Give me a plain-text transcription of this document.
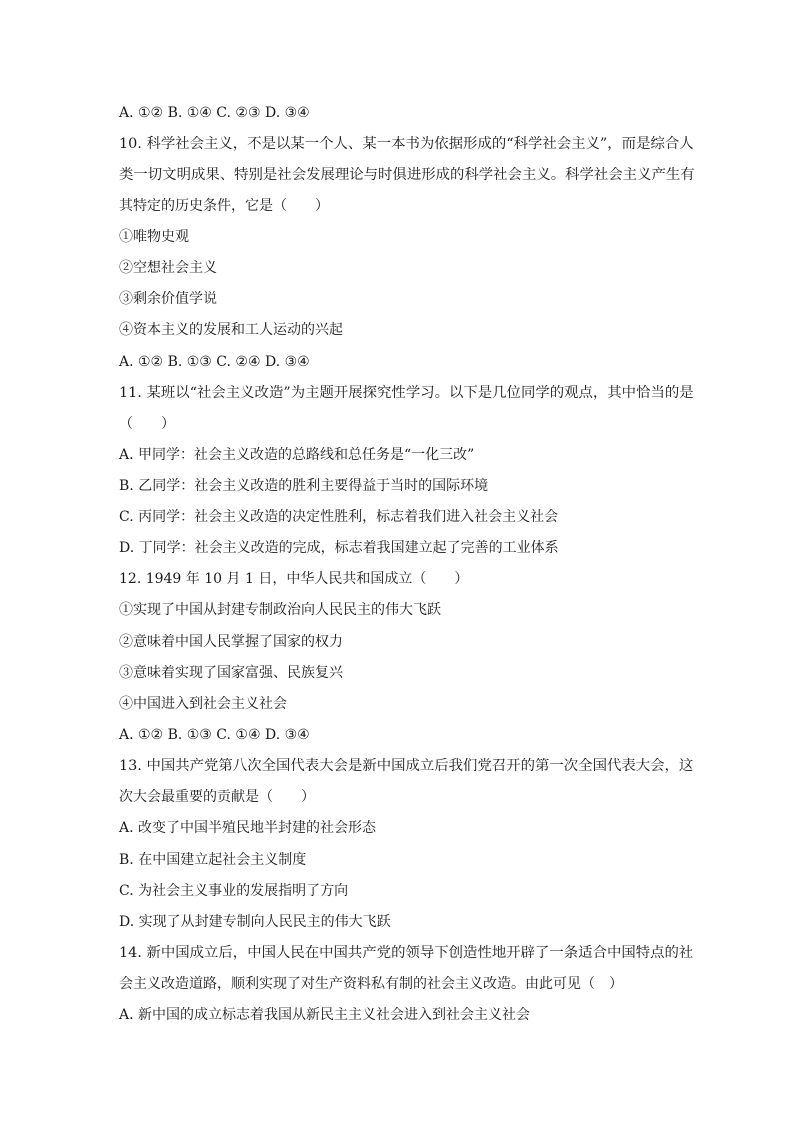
A. ①② B. ①④ C. ②③ D. ③④
10. 科学社会主义，不是以某一个人、某一本书为依据形成的“科学社会主义”，而是综合人
类一切文明成果、特别是社会发展理论与时俱进形成的科学社会主义。科学社会主义产生有
其特定的历史条件，它是（　　）
①唯物史观
②空想社会主义
③剩余价值学说
④资本主义的发展和工人运动的兴起
A. ①② B. ①③ C. ②④ D. ③④
11. 某班以“社会主义改造”为主题开展探究性学习。以下是几位同学的观点，其中恰当的是
（　　）
A. 甲同学：社会主义改造的总路线和总任务是“一化三改”
B. 乙同学：社会主义改造的胜利主要得益于当时的国际环境
C. 丙同学：社会主义改造的决定性胜利，标志着我们进入社会主义社会
D. 丁同学：社会主义改造的完成，标志着我国建立起了完善的工业体系
12. 1949 年 10 月 1 日，中华人民共和国成立（　　）
①实现了中国从封建专制政治向人民民主的伟大飞跃
②意味着中国人民掌握了国家的权力
③意味着实现了国家富强、民族复兴
④中国进入到社会主义社会
A. ①② B. ①③ C. ①④ D. ③④
13. 中国共产党第八次全国代表大会是新中国成立后我们党召开的第一次全国代表大会，这
次大会最重要的贡献是（　　）
A. 改变了中国半殖民地半封建的社会形态
B. 在中国建立起社会主义制度
C. 为社会主义事业的发展指明了方向
D. 实现了从封建专制向人民民主的伟大飞跃
14. 新中国成立后，中国人民在中国共产党的领导下创造性地开辟了一条适合中国特点的社
会主义改造道路，顺利实现了对生产资料私有制的社会主义改造。由此可见（　）
A. 新中国的成立标志着我国从新民主主义社会进入到社会主义社会
